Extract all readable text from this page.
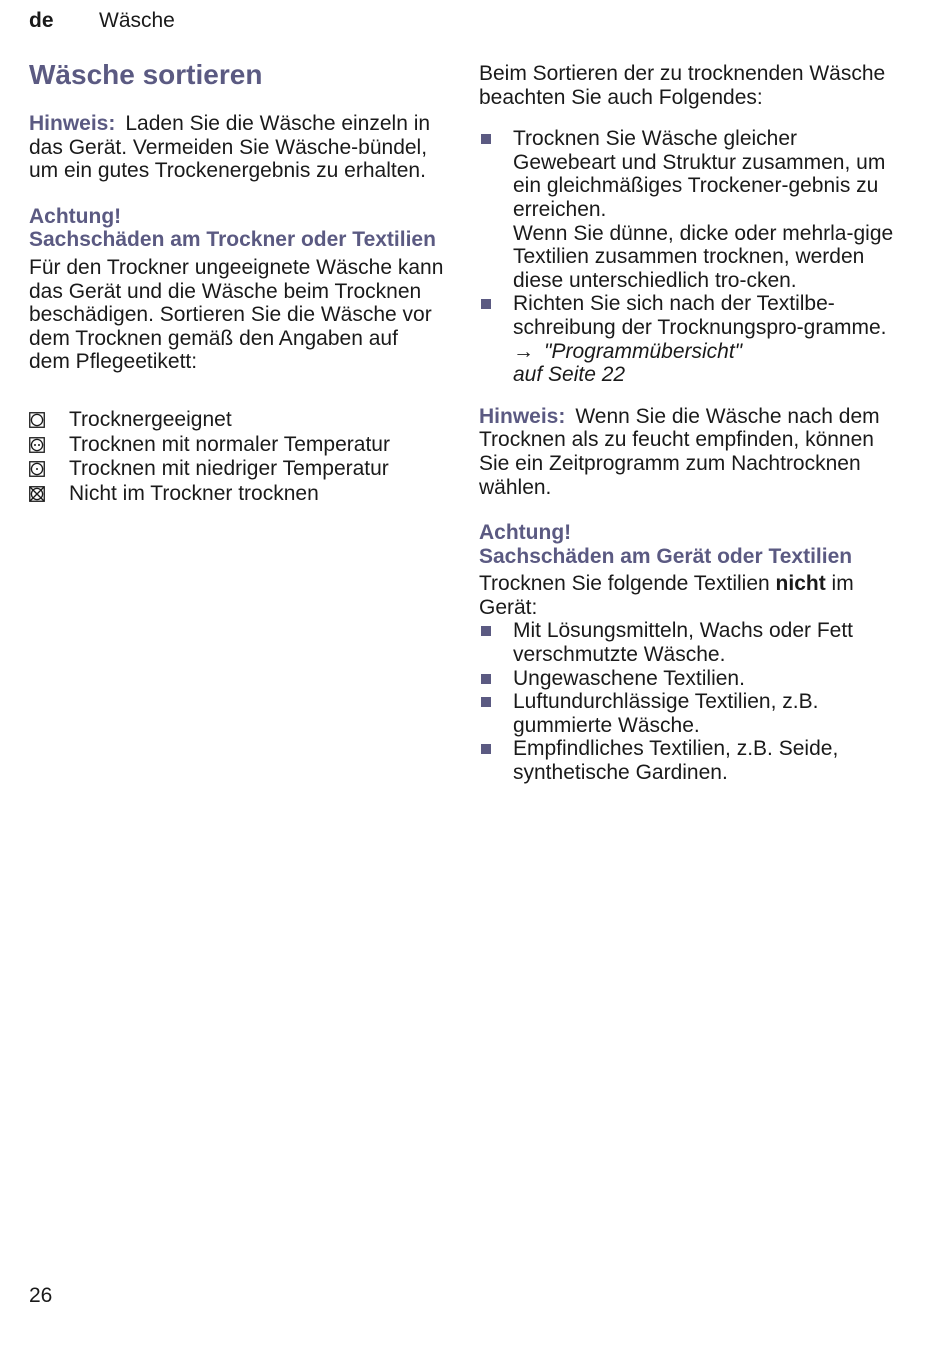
de Wäsche
Wäsche sortieren

Hinweis: Laden Sie die Wäsche einzeln in das Gerät. Vermeiden Sie Wäsche-bündel, um ein gutes Trockenergebnis zu erhalten.

Achtung!
Sachschäden am Trockner oder Textilien

Für den Trockner ungeeignete Wäsche kann das Gerät und die Wäsche beim Trocknen beschädigen. Sortieren Sie die Wäsche vor dem Trocknen gemäß den Angaben auf dem Pflegeetikett:

Trocknergeeignet
Trocknen mit normaler Temperatur
Trocknen mit niedriger Temperatur
Nicht im Trockner trocknen

Beim Sortieren der zu trocknenden Wäsche beachten Sie auch Folgendes:

Trocknen Sie Wäsche gleicher Gewebeart und Struktur zusammen, um ein gleichmäßiges Trockener-gebnis zu erreichen.
Wenn Sie dünne, dicke oder mehrla-gige Textilien zusammen trocknen, werden diese unterschiedlich tro-cken.
Richten Sie sich nach der Textilbe-schreibung der Trocknungspro-gramme.
→ "Programmübersicht"
auf Seite 22

Hinweis: Wenn Sie die Wäsche nach dem Trocknen als zu feucht empfinden, können Sie ein Zeitprogramm zum Nachtrocknen wählen.

Achtung!
Sachschäden am Gerät oder Textilien

Trocknen Sie folgende Textilien nicht im Gerät:

Mit Lösungsmitteln, Wachs oder Fett verschmutzte Wäsche.
Ungewaschene Textilien.
Luftundurchlässige Textilien, z.B. gummierte Wäsche.
Empfindliches Textilien, z.B. Seide, synthetische Gardinen.
26
